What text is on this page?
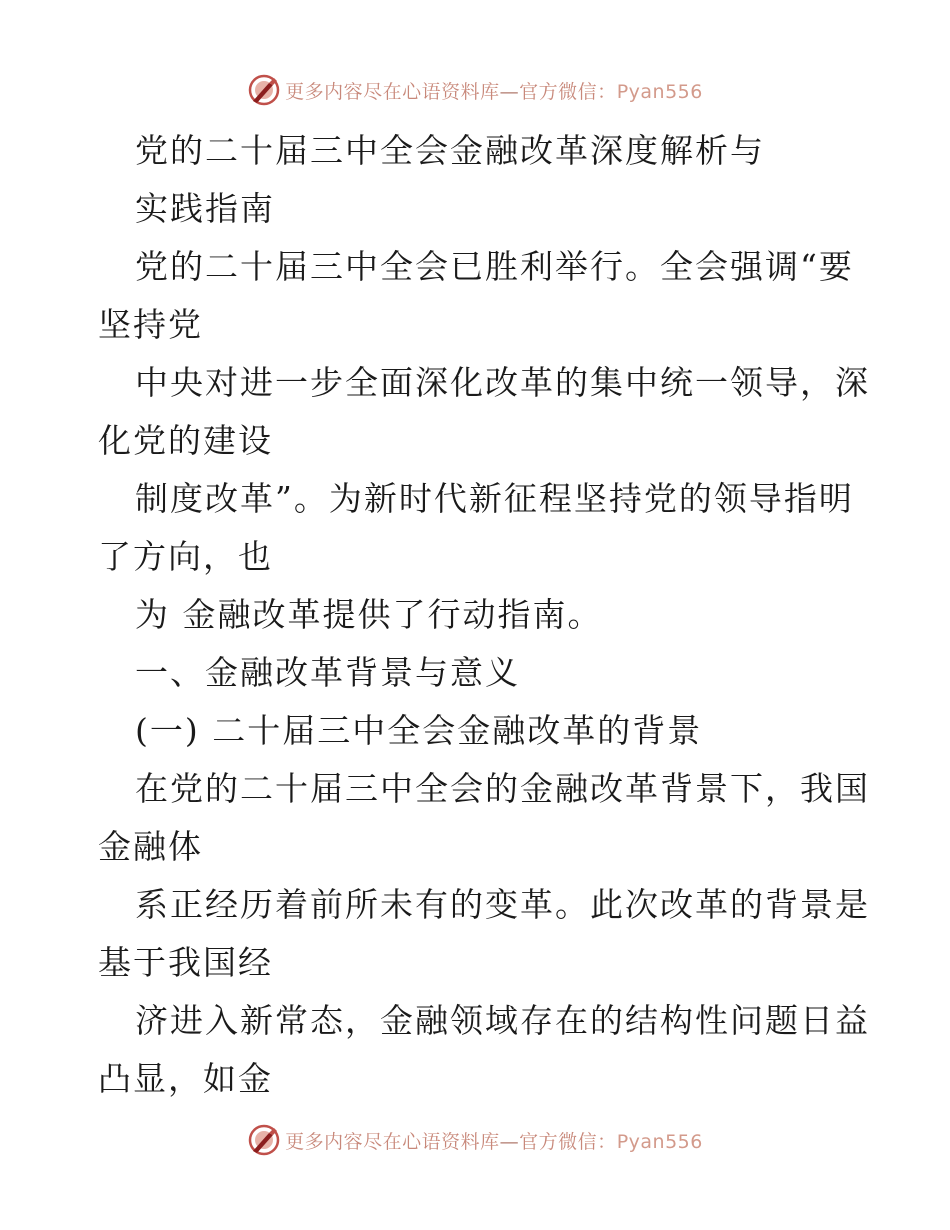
更多内容尽在心语资料库—官方微信：Pyan556
党的二十届三中全会金融改革深度解析与
实践指南
党的二十届三中全会已胜利举行。全会强调“要
坚持党
中央对进一步全面深化改革的集中统一领导，深
化党的建设
制度改革”。为新时代新征程坚持党的领导指明
了方向，也
为 金融改革提供了行动指南。
一、金融改革背景与意义
(一) 二十届三中全会金融改革的背景
在党的二十届三中全会的金融改革背景下，我国
金融体
系正经历着前所未有的变革。此次改革的背景是
基于我国经
济进入新常态，金融领域存在的结构性问题日益
凸显，如金
更多内容尽在心语资料库—官方微信：Pyan556
